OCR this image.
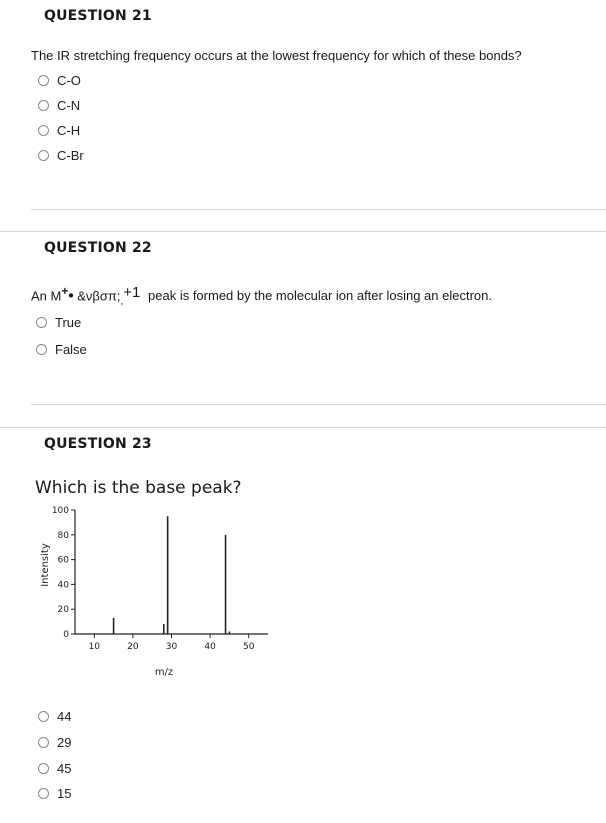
QUESTION 21
The IR stretching frequency occurs at the lowest frequency for which of these bonds?
C-O
C-N
C-H
C-Br
QUESTION 22
An M+• $\&\nu\beta\sigma\pi;_,+1$ peak is formed by the molecular ion after losing an electron.
True
False
QUESTION 23
Which is the base peak?
Intensity
m/z
0
20
40
60
80
100
10	20	30	40	50
44
29
45
15
